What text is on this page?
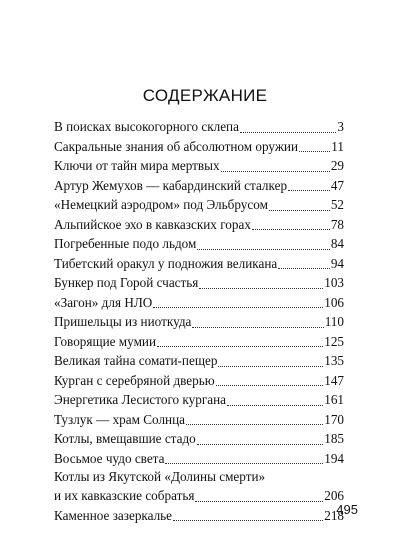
СОДЕРЖАНИЕ
В поисках высокогорного склепа	3
Сакральные знания об абсолютном оружии	11
Ключи от тайн мира мертвых	29
Артур Жемухов — кабардинский сталкер	47
«Немецкий аэродром» под Эльбрусом	52
Альпийское эхо в кавказских горах	78
Погребенные подо льдом	84
Тибетский оракул у подножия великана	94
Бункер под Горой счастья	103
«Загон» для НЛО	106
Пришельцы из ниоткуда	110
Говорящие мумии	125
Великая тайна сомати-пещер	135
Курган с серебряной дверью	147
Энергетика Лесистого кургана	161
Тузлук — храм Солнца	170
Котлы, вмещавшие стадо	185
Восьмое чудо света	194
Котлы из Якутской «Долины смерти»
и их кавказские собратья	206
Каменное зазеркалье	218
495
